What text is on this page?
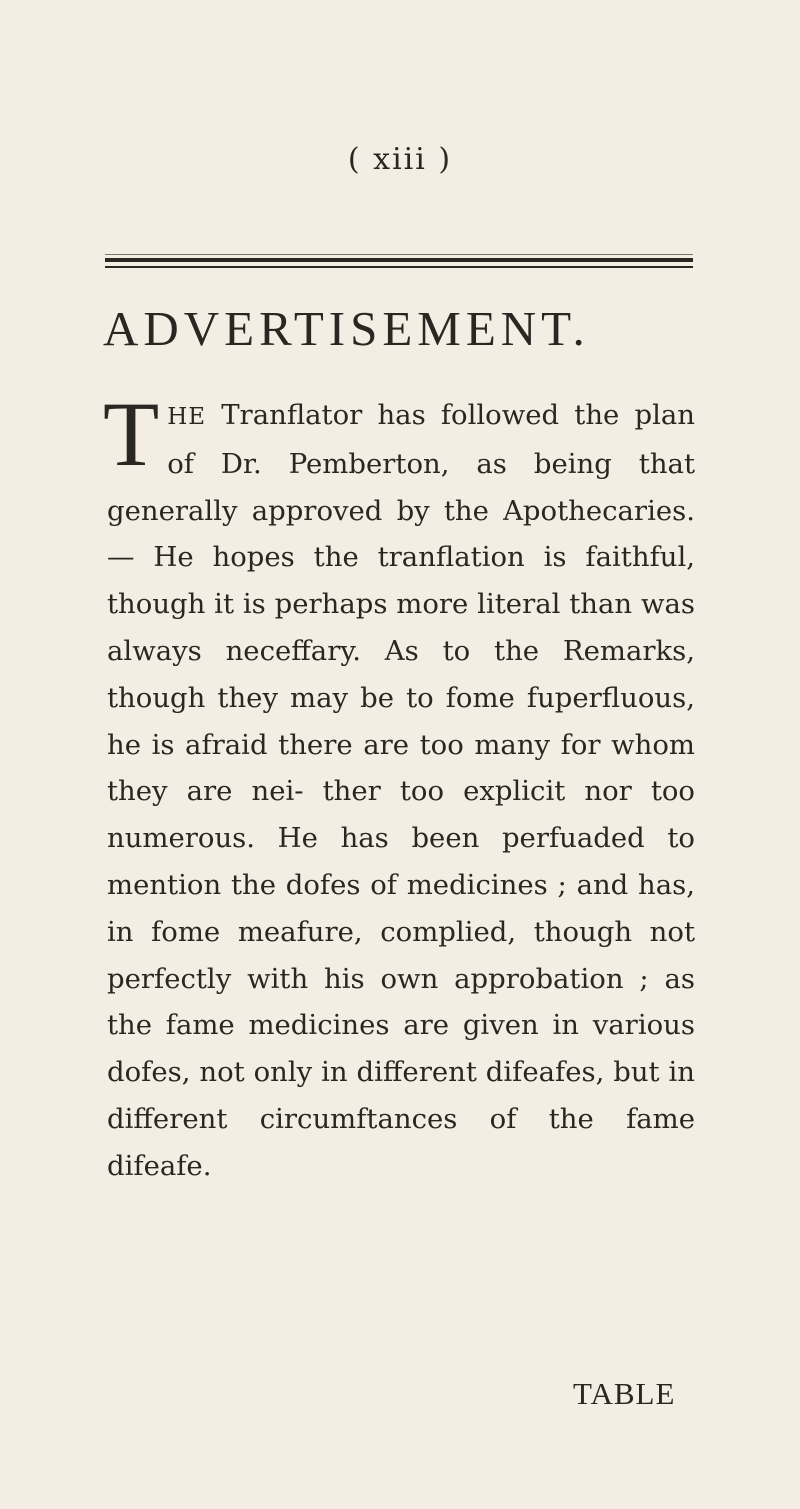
( xiii )
ADVERTISEMENT.
THE Tranflator has followed the plan of Dr. Pemberton, as being that generally approved by the Apothecaries.— He hopes the tranflation is faithful, though it is perhaps more literal than was always neceffary. As to the Remarks, though they may be to fome fuperfluous, he is afraid there are too many for whom they are nei- ther too explicit nor too numerous. He has been perfuaded to mention the dofes of medicines ; and has, in fome meafure, complied, though not perfectly with his own approbation ; as the fame medicines are given in various dofes, not only in different difeafes, but in different circumftances of the fame difeafe.
TABLE
